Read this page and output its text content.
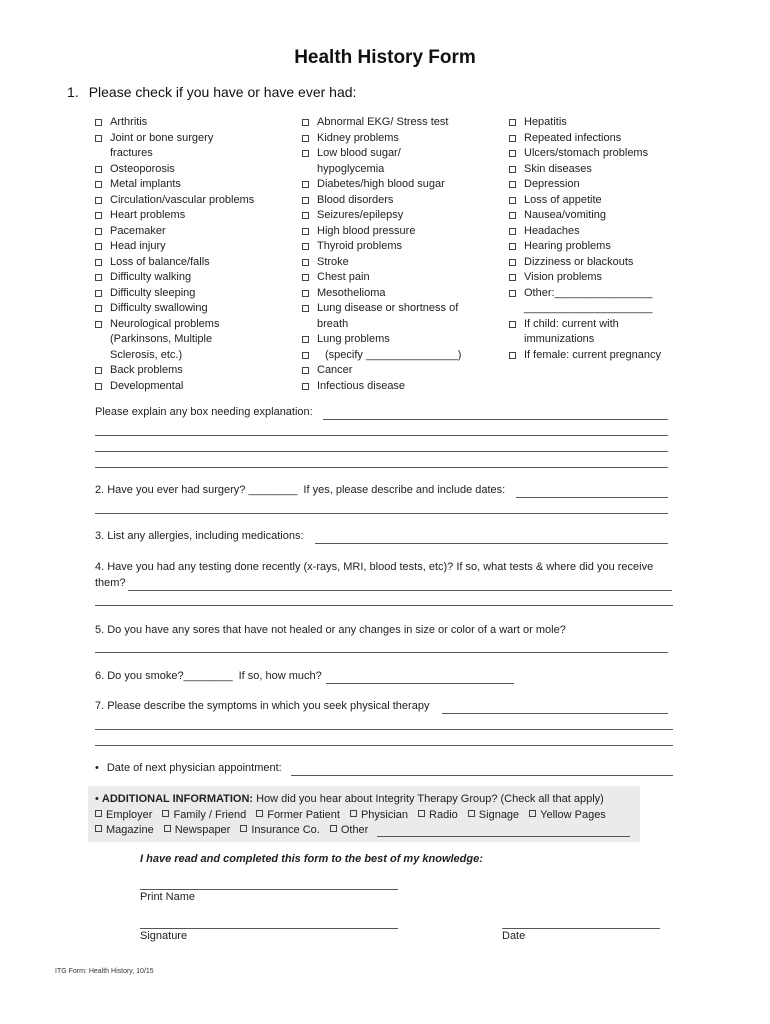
Health History Form
1. Please check if you have or have ever had:
Arthritis
Joint or bone surgery
fractures
Osteoporosis
Metal implants
Circulation/vascular problems
Heart problems
Pacemaker
Head injury
Loss of balance/falls
Difficulty walking
Difficulty sleeping
Difficulty swallowing
Neurological problems
(Parkinsons, Multiple
Sclerosis, etc.)
Back problems
Developmental
Abnormal EKG/ Stress test
Kidney problems
Low blood sugar/
hypoglycemia
Diabetes/high blood sugar
Blood disorders
Seizures/epilepsy
High blood pressure
Thyroid problems
Stroke
Chest pain
Mesothelioma
Lung disease or shortness of
breath
Lung problems
(specify _______________)
Cancer
Infectious disease
Hepatitis
Repeated infections
Ulcers/stomach problems
Skin diseases
Depression
Loss of appetite
Nausea/vomiting
Headaches
Hearing problems
Dizziness or blackouts
Vision problems
Other:________________
_____________________
If child: current with
immunizations
If female: current pregnancy
Please explain any box needing explanation:
2. Have you ever had surgery? ________ If yes, please describe and include dates:
3. List any allergies, including medications:
4. Have you had any testing done recently (x-rays, MRI, blood tests, etc)? If so, what tests & where did you receive
them?
5. Do you have any sores that have not healed or any changes in size or color of a wart or mole?
6. Do you smoke?________ If so, how much?
7. Please describe the symptoms in which you seek physical therapy
• Date of next physician appointment:
• ADDITIONAL INFORMATION: How did you hear about Integrity Therapy Group? (Check all that apply)
Employer Family / Friend Former Patient Physician Radio Signage Yellow Pages
Magazine Newspaper Insurance Co. Other
I have read and completed this form to the best of my knowledge:
Print Name
Signature	Date
ITG Form: Health History, 10/15
